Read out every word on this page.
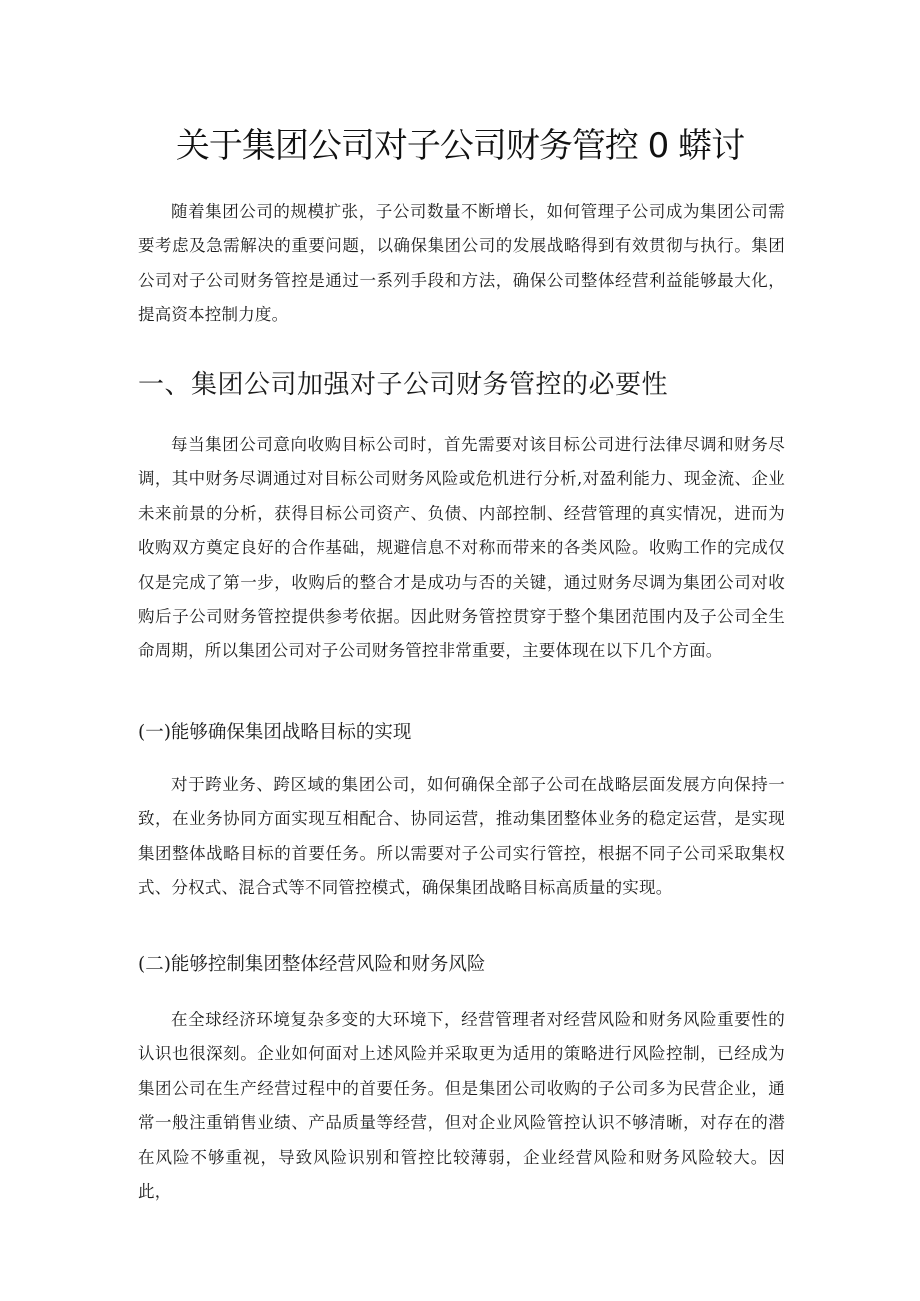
关于集团公司对子公司财务管控 0 蟒讨

随着集团公司的规模扩张，子公司数量不断增长，如何管理子公司成为集团公司需要考虑及急需解决的重要问题，以确保集团公司的发展战略得到有效贯彻与执行。集团公司对子公司财务管控是通过一系列手段和方法，确保公司整体经营利益能够最大化，提高资本控制力度。

一、集团公司加强对子公司财务管控的必要性

每当集团公司意向收购目标公司时，首先需要对该目标公司进行法律尽调和财务尽调，其中财务尽调通过对目标公司财务风险或危机进行分析,对盈利能力、现金流、企业未来前景的分析，获得目标公司资产、负债、内部控制、经营管理的真实情况，进而为收购双方奠定良好的合作基础，规避信息不对称而带来的各类风险。收购工作的完成仅仅是完成了第一步，收购后的整合才是成功与否的关键，通过财务尽调为集团公司对收购后子公司财务管控提供参考依据。因此财务管控贯穿于整个集团范围内及子公司全生命周期，所以集团公司对子公司财务管控非常重要，主要体现在以下几个方面。

(一)能够确保集团战略目标的实现

对于跨业务、跨区域的集团公司，如何确保全部子公司在战略层面发展方向保持一致，在业务协同方面实现互相配合、协同运营，推动集团整体业务的稳定运营，是实现集团整体战略目标的首要任务。所以需要对子公司实行管控，根据不同子公司采取集权式、分权式、混合式等不同管控模式，确保集团战略目标高质量的实现。

(二)能够控制集团整体经营风险和财务风险

在全球经济环境复杂多变的大环境下，经营管理者对经营风险和财务风险重要性的认识也很深刻。企业如何面对上述风险并采取更为适用的策略进行风险控制，已经成为集团公司在生产经营过程中的首要任务。但是集团公司收购的子公司多为民营企业，通常一般注重销售业绩、产品质量等经营，但对企业风险管控认识不够清晰，对存在的潜在风险不够重视，导致风险识别和管控比较薄弱，企业经营风险和财务风险较大。因此，
